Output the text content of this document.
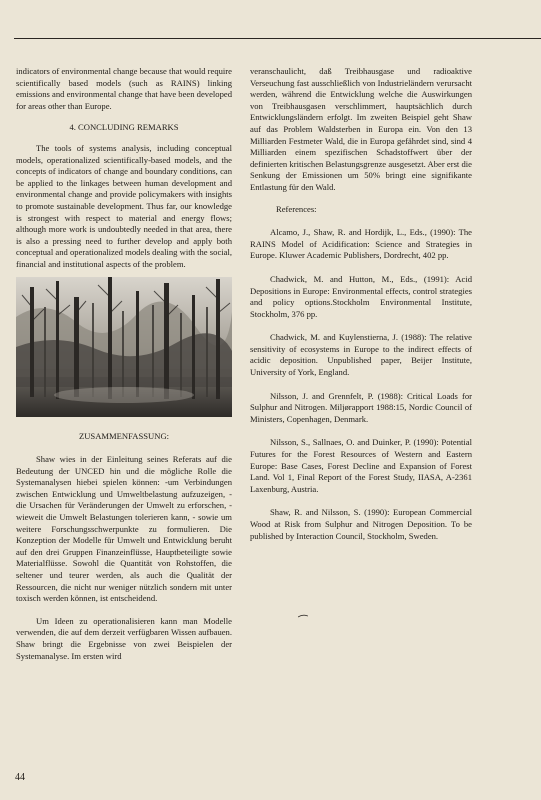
indicators of environmental change because that would require scientifically based models (such as RAINS) linking emissions and environmental change that have been developed for areas other than Europe.

4. CONCLUDING REMARKS

The tools of systems analysis, including conceptual models, operationalized scientifically-based models, and the concepts of indicators of change and boundary conditions, can be applied to the linkages between human development and environmental change and provide policymakers with insights to promote sustainable development. Thus far, our knowledge is strongest with respect to material and energy flows; although more work is undoubtedly needed in that area, there is also a pressing need to further develop and apply both conceptual and operationalized models dealing with the social, financial and institutional aspects of the problem.

ZUSAMMENFASSUNG:

Shaw wies in der Einleitung seines Referats auf die Bedeutung der UNCED hin und die mögliche Rolle die Systemanalysen hiebei spielen können: -um Verbindungen zwischen Entwicklung und Umweltbelastung aufzuzeigen, -die Ursachen für Veränderungen der Umwelt zu erforschen, -wieweit die Umwelt Belastungen tolerieren kann, - sowie um weitere Forschungsschwerpunkte zu formulieren. Die Konzeption der Modelle für Umwelt und Entwicklung beruht auf den drei Gruppen Finanzeinflüsse, Hauptbeteiligte sowie Materialflüsse. Sowohl die Quantität von Rohstoffen, die seltener und teurer werden, als auch die Qualität der Ressourcen, die nicht nur weniger nützlich sondern mit unter toxisch werden können, ist entscheidend.

Um Ideen zu operationalisieren kann man Modelle verwenden, die auf dem derzeit verfügbaren Wissen aufbauen. Shaw bringt die Ergebnisse von zwei Beispielen der Systemanalyse. Im ersten wird

veranschaulicht, daß Treibhausgase und radioaktive Verseuchung fast ausschließlich von Industrieländern verursacht werden, während die Entwicklung welche die Auswirkungen von Treibhausgasen verschlimmert, hauptsächlich durch Entwicklungsländern erfolgt. Im zweiten Beispiel geht Shaw auf das Problem Waldsterben in Europa ein. Von den 13 Milliarden Festmeter Wald, die in Europa gefährdet sind, sind 4 Milliarden einem spezifischen Schadstoffwert über der definierten kritischen Belastungsgrenze ausgesetzt. Aber erst die Senkung der Emissionen um 50% bringt eine signifikante Entlastung für den Wald.

References:

Alcamo, J., Shaw, R. and Hordijk, L., Eds., (1990): The RAINS Model of Acidification: Science and Strategies in Europe. Kluwer Academic Publishers, Dordrecht, 402 pp.

Chadwick, M. and Hutton, M., Eds., (1991): Acid Depositions in Europe: Environmental effects, control strategies and policy options.Stockholm Environmental Institute, Stockholm, 376 pp.

Chadwick, M. and Kuylenstierna, J. (1988): The relative sensitivity of ecosystems in Europe to the indirect effects of acidic deposition. Unpublished paper, Beijer Institute, University of York, England.

Nilsson, J. and Grennfelt, P. (1988): Critical Loads for Sulphur and Nitrogen. Miljørapport 1988:15, Nordic Council of Ministers, Copenhagen, Denmark.

Nilsson, S., Sallnaes, O. and Duinker, P. (1990): Potential Futures for the Forest Resources of Western and Eastern Europe: Base Cases, Forest Decline and Expansion of Forest Land. Vol 1, Final Report of the Forest Study, IIASA, A-2361 Laxenburg, Austria.

Shaw, R. and Nilsson, S. (1990): European Commercial Wood at Risk from Sulphur and Nitrogen Deposition. To be published by Interaction Council, Stockholm, Sweden.

44
